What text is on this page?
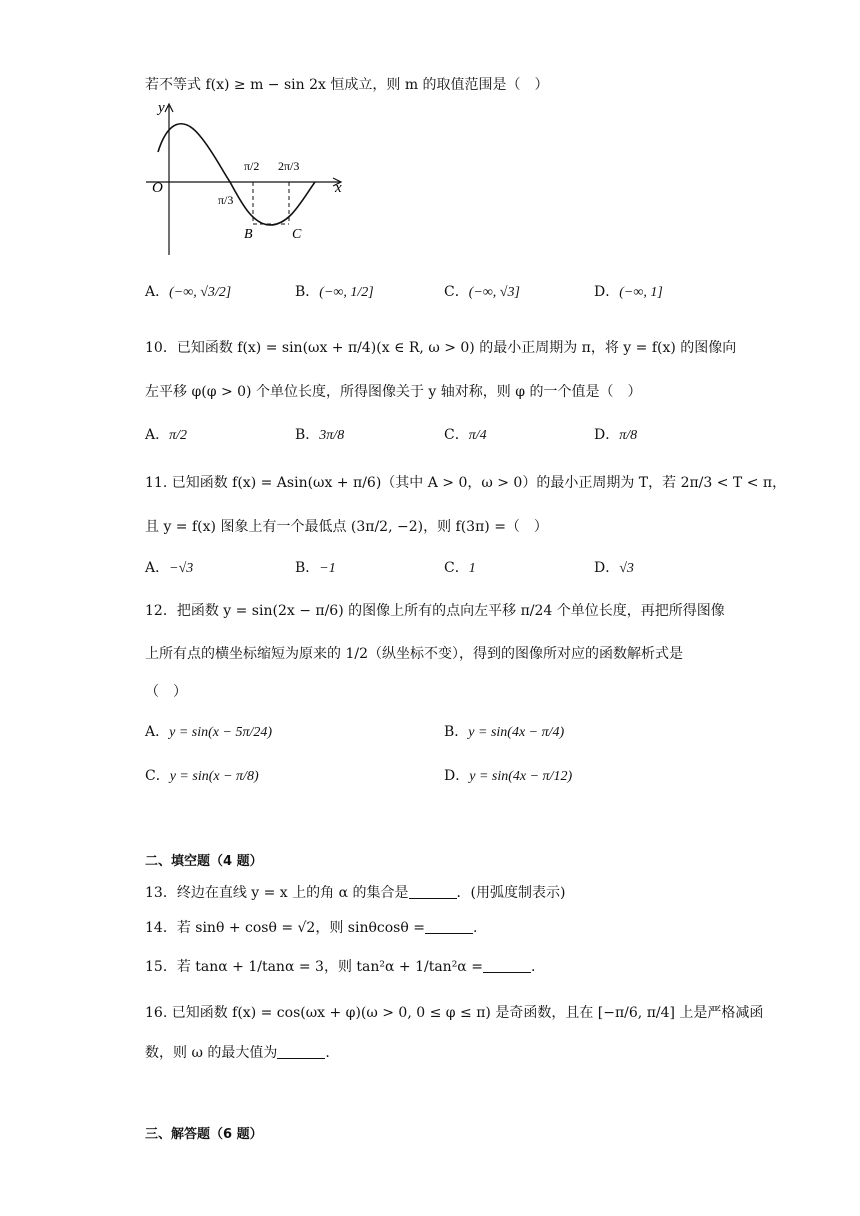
若不等式 f(x) ≥ m − sin 2x 恒成立，则 m 的取值范围是（　）
y
x
O
π/3
π/2 2π/3
B	C
A．(−∞, √3/2]	B．(−∞, 1/2]	C．(−∞, √3]	D．(−∞, 1]
10．已知函数 f(x) = sin(ωx + π/4)(x ∈ R, ω > 0) 的最小正周期为 π，将 y = f(x) 的图像向
左平移 φ(φ > 0) 个单位长度，所得图像关于 y 轴对称，则 φ 的一个值是（　）
A．π/2	B．3π/8	C．π/4	D．π/8
11. 已知函数 f(x) = Asin(ωx + π/6)（其中 A > 0，ω > 0）的最小正周期为 T，若 2π/3 < T < π，
且 y = f(x) 图象上有一个最低点 (3π/2, −2)，则 f(3π) =（　）
A．−√3	B．−1	C．1	D．√3
12．把函数 y = sin(2x − π/6) 的图像上所有的点向左平移 π/24 个单位长度，再把所得图像
上所有点的横坐标缩短为原来的 1/2（纵坐标不变），得到的图像所对应的函数解析式是
（　）
A．y = sin(x − 5π/24)	B．y = sin(4x − π/4)
C．y = sin(x − π/8)	D．y = sin(4x − π/12)
二、填空题（4 题）
13．终边在直线 y = x 上的角 α 的集合是	．(用弧度制表示)
14．若 sinθ + cosθ = √2，则 sinθcosθ =	.
15．若 tanα + 1/tanα = 3，则 tan²α + 1/tan²α =	.
16. 已知函数 f(x) = cos(ωx + φ)(ω > 0, 0 ≤ φ ≤ π) 是奇函数，且在 [−π/6, π/4] 上是严格减函
数，则 ω 的最大值为	.
三、解答题（6 题）
